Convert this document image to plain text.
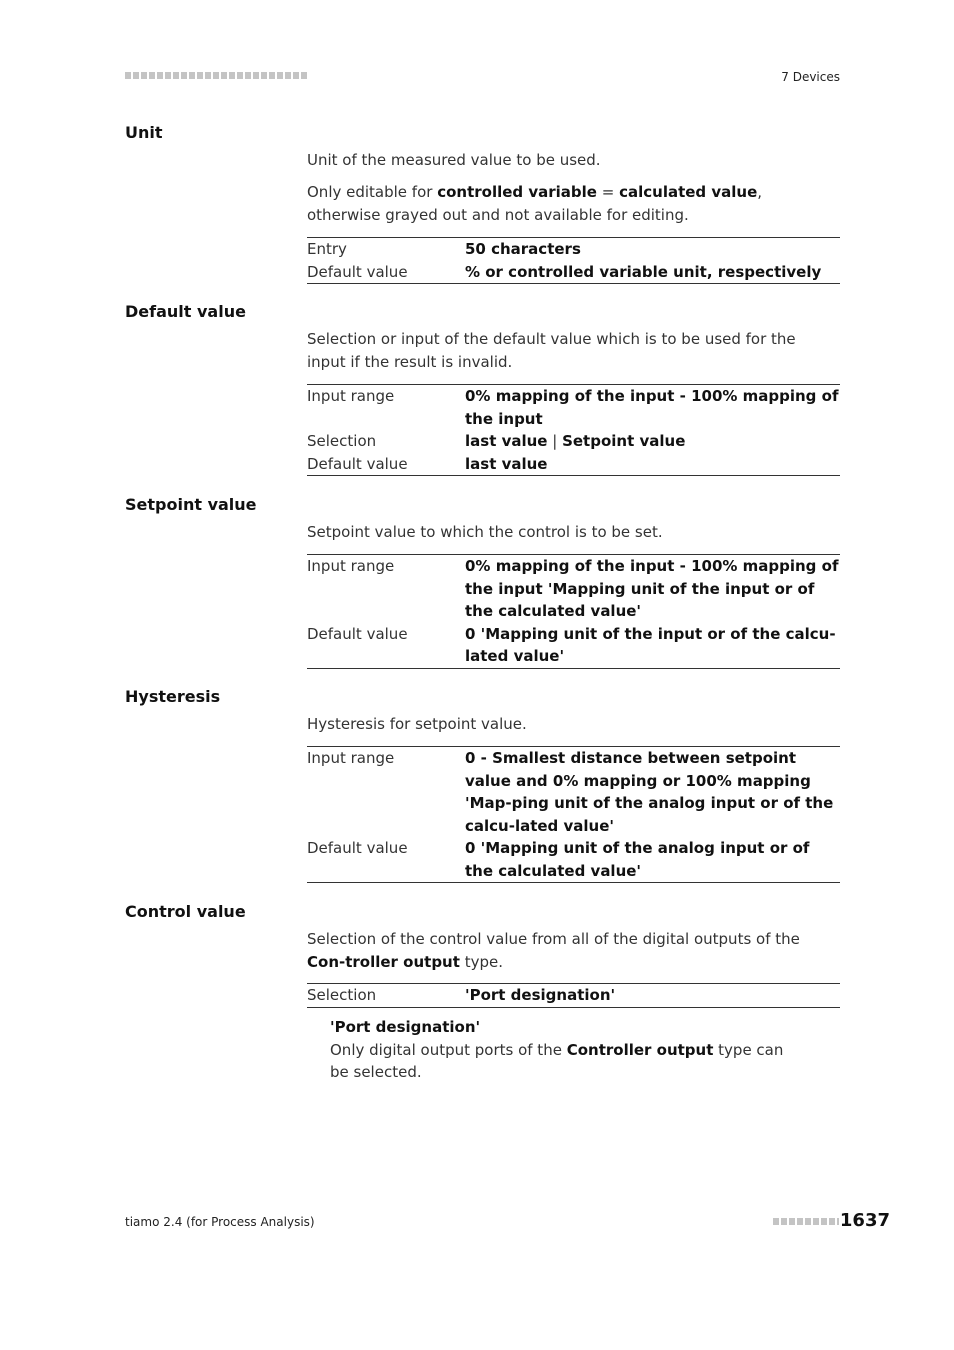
7 Devices
Unit
Unit of the measured value to be used.
Only editable for controlled variable = calculated value, otherwise grayed out and not available for editing.
Entry	50 characters
Default value	% or controlled variable unit, respectively
Default value
Selection or input of the default value which is to be used for the input if the result is invalid.
Input range	0% mapping of the input - 100% mapping of the input
Selection	last value | Setpoint value
Default value	last value
Setpoint value
Setpoint value to which the control is to be set.
Input range	0% mapping of the input - 100% mapping of the input 'Mapping unit of the input or of the calculated value'
Default value	0 'Mapping unit of the input or of the calcu-lated value'
Hysteresis
Hysteresis for setpoint value.
Input range	0 - Smallest distance between setpoint value and 0% mapping or 100% mapping 'Map-ping unit of the analog input or of the calcu-lated value'
Default value	0 'Mapping unit of the analog input or of the calculated value'
Control value
Selection of the control value from all of the digital outputs of the Con-troller output type.
Selection	'Port designation'
'Port designation'
Only digital output ports of the Controller output type can be selected.
tiamo 2.4 (for Process Analysis)	1637
